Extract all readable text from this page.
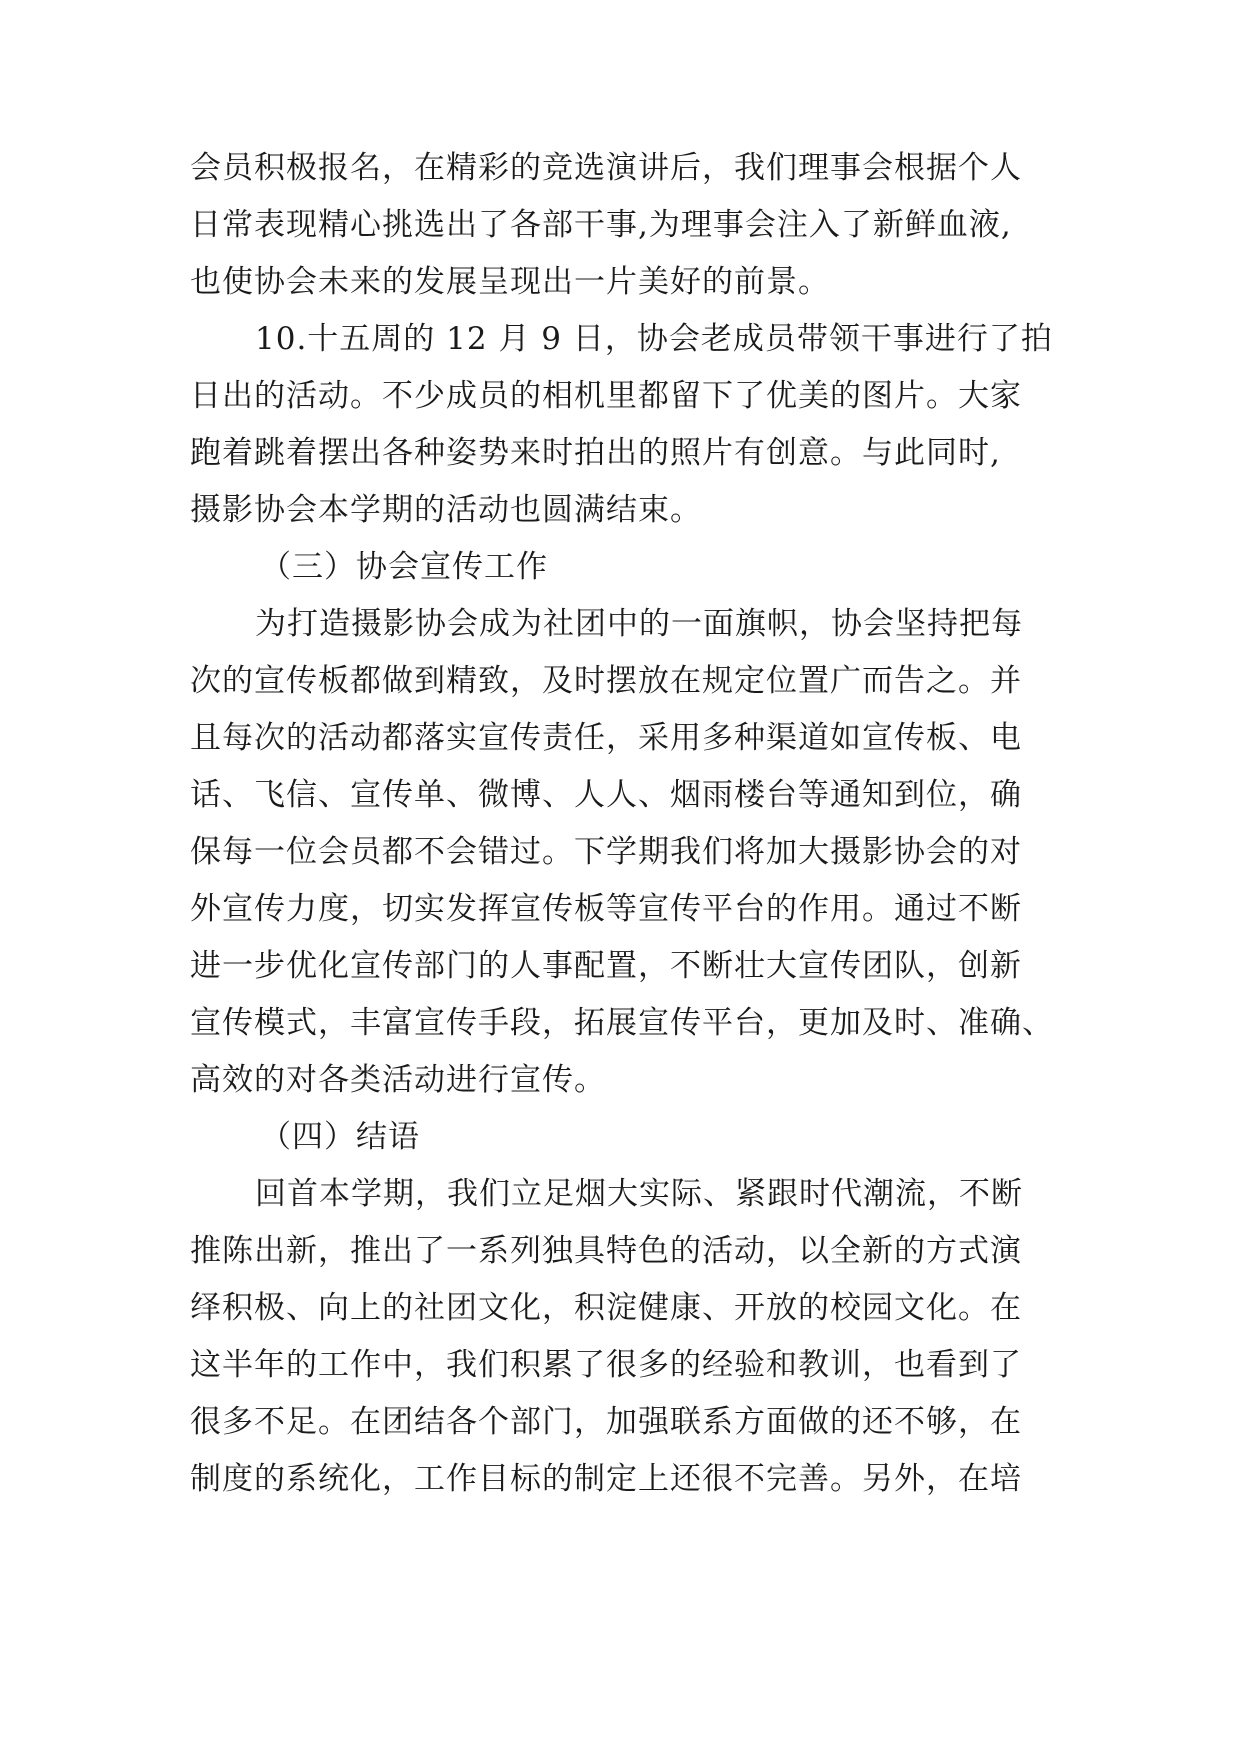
会员积极报名，在精彩的竞选演讲后，我们理事会根据个人
日常表现精心挑选出了各部干事,为理事会注入了新鲜血液,
也使协会未来的发展呈现出一片美好的前景。
10.十五周的 12 月 9 日，协会老成员带领干事进行了拍
日出的活动。不少成员的相机里都留下了优美的图片。大家
跑着跳着摆出各种姿势来时拍出的照片有创意。与此同时,
摄影协会本学期的活动也圆满结束。
（三）协会宣传工作
为打造摄影协会成为社团中的一面旗帜，协会坚持把每
次的宣传板都做到精致，及时摆放在规定位置广而告之。并
且每次的活动都落实宣传责任，采用多种渠道如宣传板、电
话、飞信、宣传单、微博、人人、烟雨楼台等通知到位，确
保每一位会员都不会错过。下学期我们将加大摄影协会的对
外宣传力度，切实发挥宣传板等宣传平台的作用。通过不断
进一步优化宣传部门的人事配置，不断壮大宣传团队，创新
宣传模式，丰富宣传手段，拓展宣传平台，更加及时、准确、
高效的对各类活动进行宣传。
（四）结语
回首本学期，我们立足烟大实际、紧跟时代潮流，不断
推陈出新，推出了一系列独具特色的活动，以全新的方式演
绎积极、向上的社团文化，积淀健康、开放的校园文化。在
这半年的工作中，我们积累了很多的经验和教训，也看到了
很多不足。在团结各个部门，加强联系方面做的还不够，在
制度的系统化，工作目标的制定上还很不完善。另外，在培
